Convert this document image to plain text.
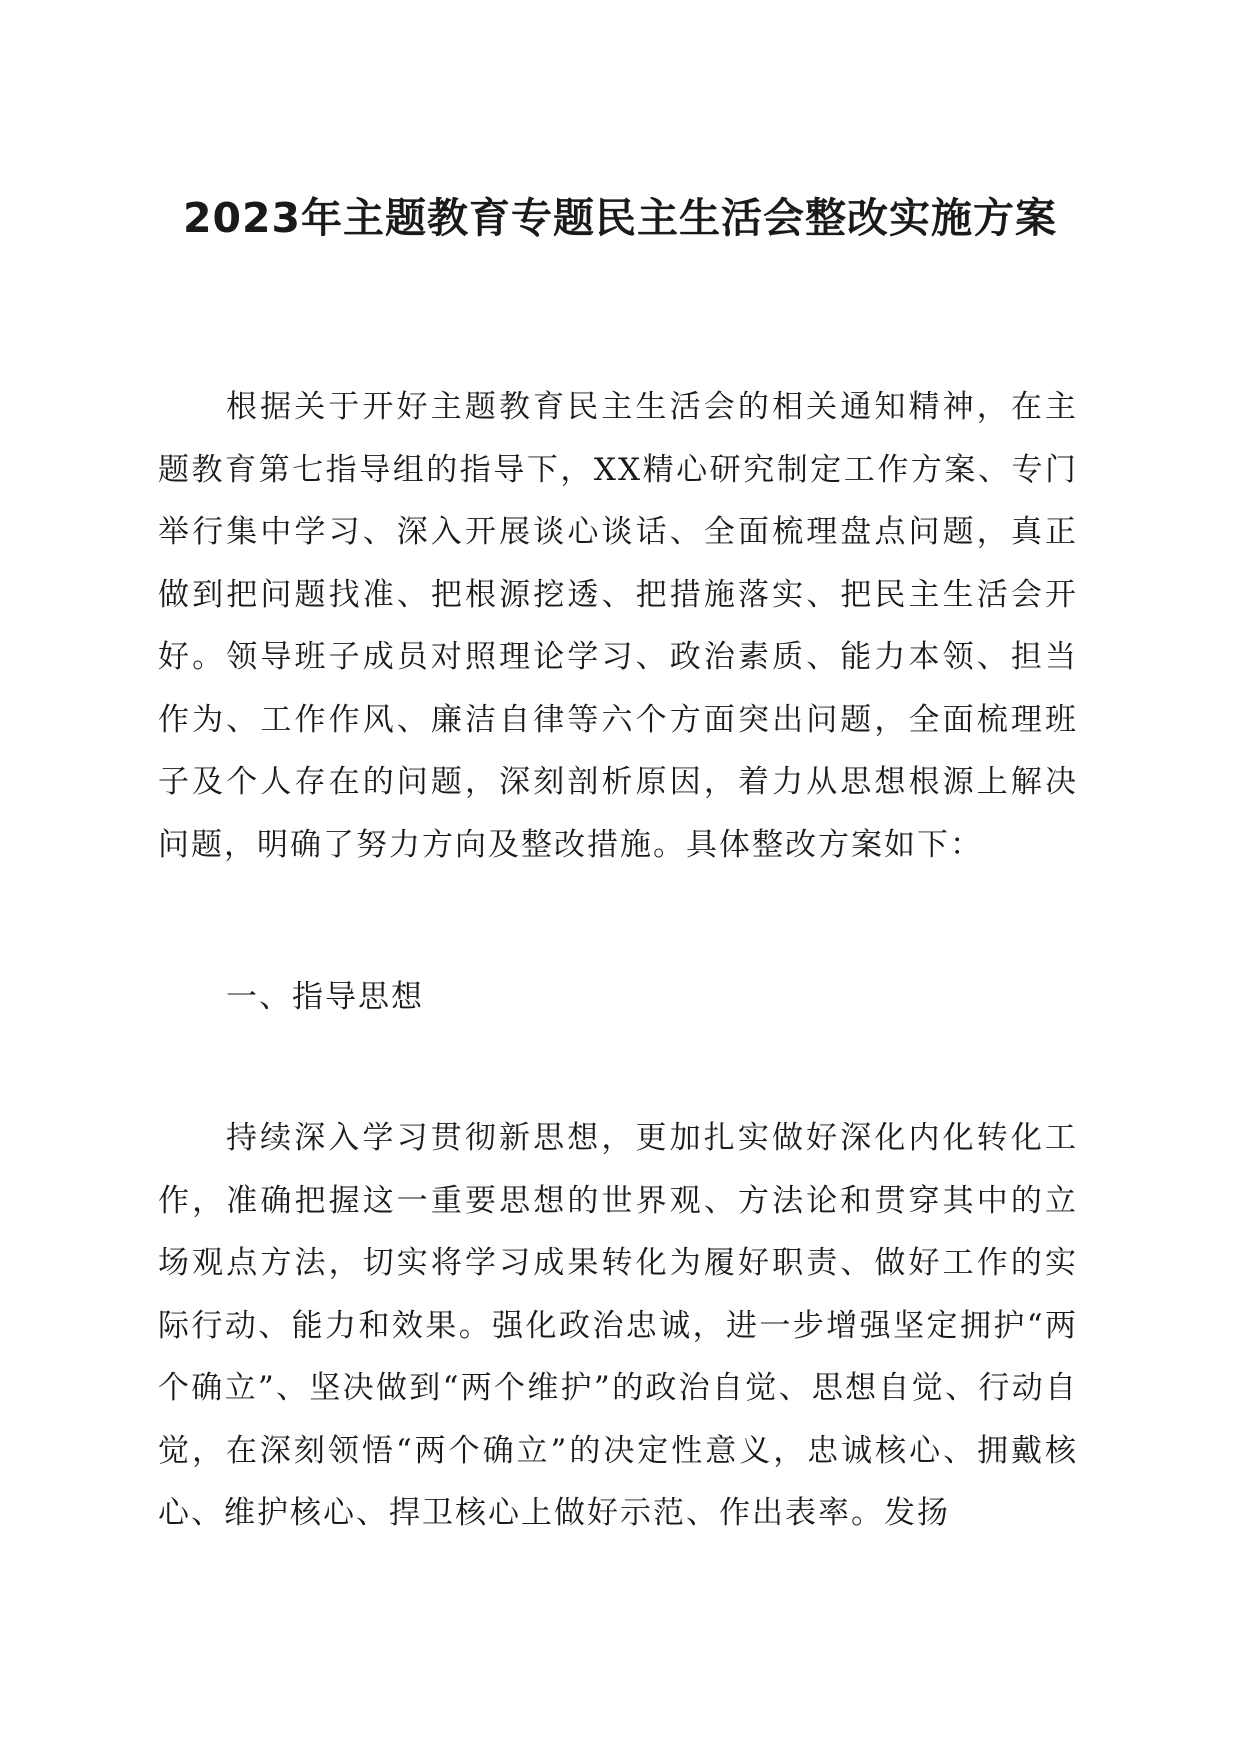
2023年主题教育专题民主生活会整改实施方案

根据关于开好主题教育民主生活会的相关通知精神，在主题教育第七指导组的指导下，XX精心研究制定工作方案、专门举行集中学习、深入开展谈心谈话、全面梳理盘点问题，真正做到把问题找准、把根源挖透、把措施落实、把民主生活会开好。领导班子成员对照理论学习、政治素质、能力本领、担当作为、工作作风、廉洁自律等六个方面突出问题，全面梳理班子及个人存在的问题，深刻剖析原因，着力从思想根源上解决问题，明确了努力方向及整改措施。具体整改方案如下：

一、指导思想

持续深入学习贯彻新思想，更加扎实做好深化内化转化工作，准确把握这一重要思想的世界观、方法论和贯穿其中的立场观点方法，切实将学习成果转化为履好职责、做好工作的实际行动、能力和效果。强化政治忠诚，进一步增强坚定拥护“两个确立”、坚决做到“两个维护”的政治自觉、思想自觉、行动自觉，在深刻领悟“两个确立”的决定性意义，忠诚核心、拥戴核心、维护核心、捍卫核心上做好示范、作出表率。发扬
